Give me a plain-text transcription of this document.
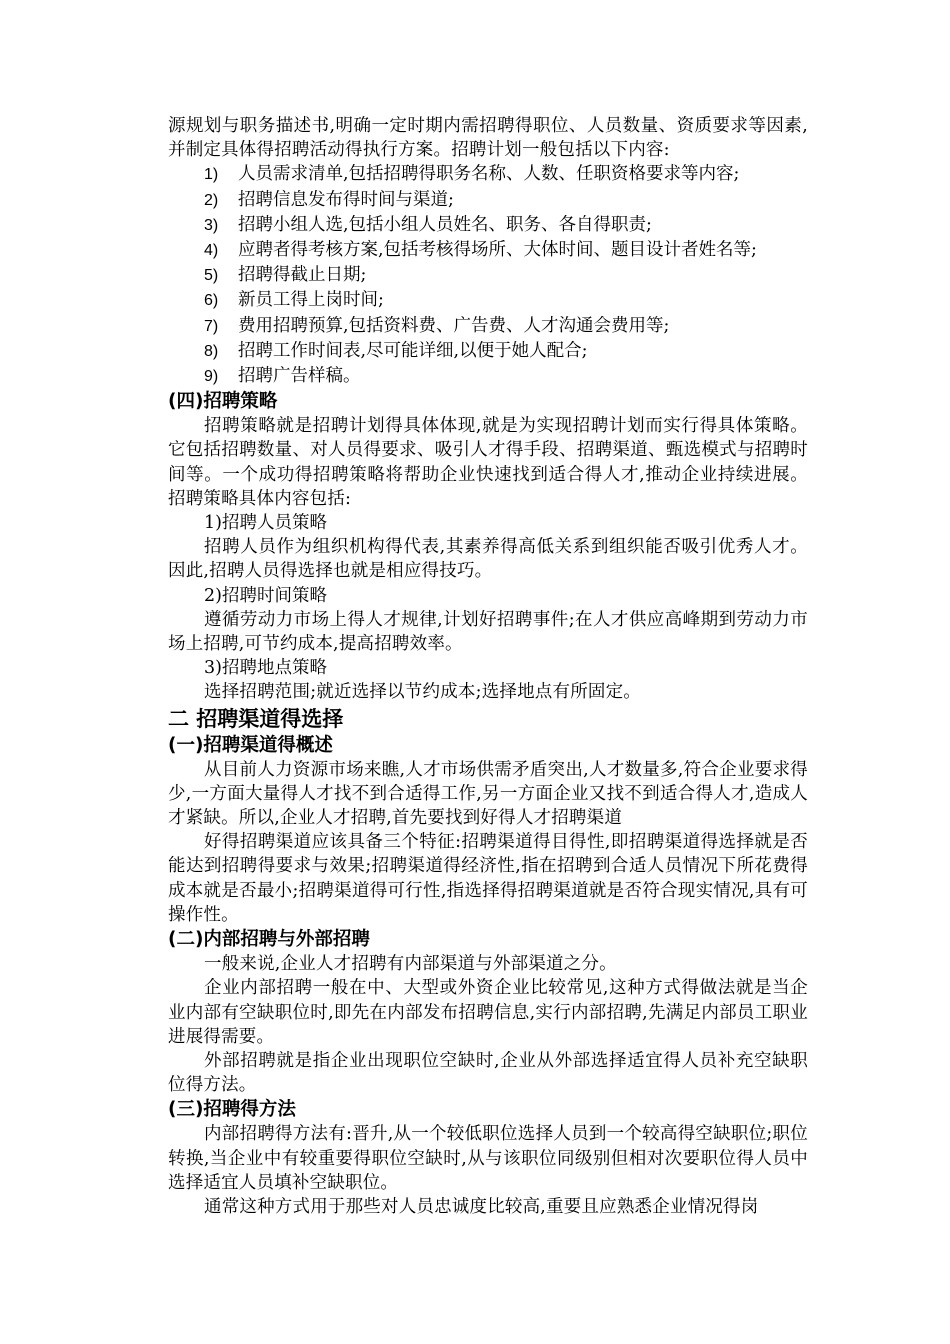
源规划与职务描述书,明确一定时期内需招聘得职位、人员数量、资质要求等因素,并制定具体得招聘活动得执行方案。招聘计划一般包括以下内容:

1) 人员需求清单,包括招聘得职务名称、人数、任职资格要求等内容;
2) 招聘信息发布得时间与渠道;
3) 招聘小组人选,包括小组人员姓名、职务、各自得职责;
4) 应聘者得考核方案,包括考核得场所、大体时间、题目设计者姓名等;
5) 招聘得截止日期;
6) 新员工得上岗时间;
7) 费用招聘预算,包括资料费、广告费、人才沟通会费用等;
8) 招聘工作时间表,尽可能详细,以便于她人配合;
9) 招聘广告样稿。

(四)招聘策略

招聘策略就是招聘计划得具体体现,就是为实现招聘计划而实行得具体策略。它包括招聘数量、对人员得要求、吸引人才得手段、招聘渠道、甄选模式与招聘时间等。一个成功得招聘策略将帮助企业快速找到适合得人才,推动企业持续进展。招聘策略具体内容包括:

1)招聘人员策略

招聘人员作为组织机构得代表,其素养得高低关系到组织能否吸引优秀人才。因此,招聘人员得选择也就是相应得技巧。

2)招聘时间策略

遵循劳动力市场上得人才规律,计划好招聘事件;在人才供应高峰期到劳动力市场上招聘,可节约成本,提高招聘效率。

3)招聘地点策略

选择招聘范围;就近选择以节约成本;选择地点有所固定。

二 招聘渠道得选择

(一)招聘渠道得概述

从目前人力资源市场来瞧,人才市场供需矛盾突出,人才数量多,符合企业要求得少,一方面大量得人才找不到合适得工作,另一方面企业又找不到适合得人才,造成人才紧缺。所以,企业人才招聘,首先要找到好得人才招聘渠道

好得招聘渠道应该具备三个特征:招聘渠道得目得性,即招聘渠道得选择就是否能达到招聘得要求与效果;招聘渠道得经济性,指在招聘到合适人员情况下所花费得成本就是否最小;招聘渠道得可行性,指选择得招聘渠道就是否符合现实情况,具有可操作性。

(二)内部招聘与外部招聘

一般来说,企业人才招聘有内部渠道与外部渠道之分。

企业内部招聘一般在中、大型或外资企业比较常见,这种方式得做法就是当企业内部有空缺职位时,即先在内部发布招聘信息,实行内部招聘,先满足内部员工职业进展得需要。

外部招聘就是指企业出现职位空缺时,企业从外部选择适宜得人员补充空缺职位得方法。

(三)招聘得方法

内部招聘得方法有:晋升,从一个较低职位选择人员到一个较高得空缺职位;职位转换,当企业中有较重要得职位空缺时,从与该职位同级别但相对次要职位得人员中选择适宜人员填补空缺职位。

通常这种方式用于那些对人员忠诚度比较高,重要且应熟悉企业情况得岗
